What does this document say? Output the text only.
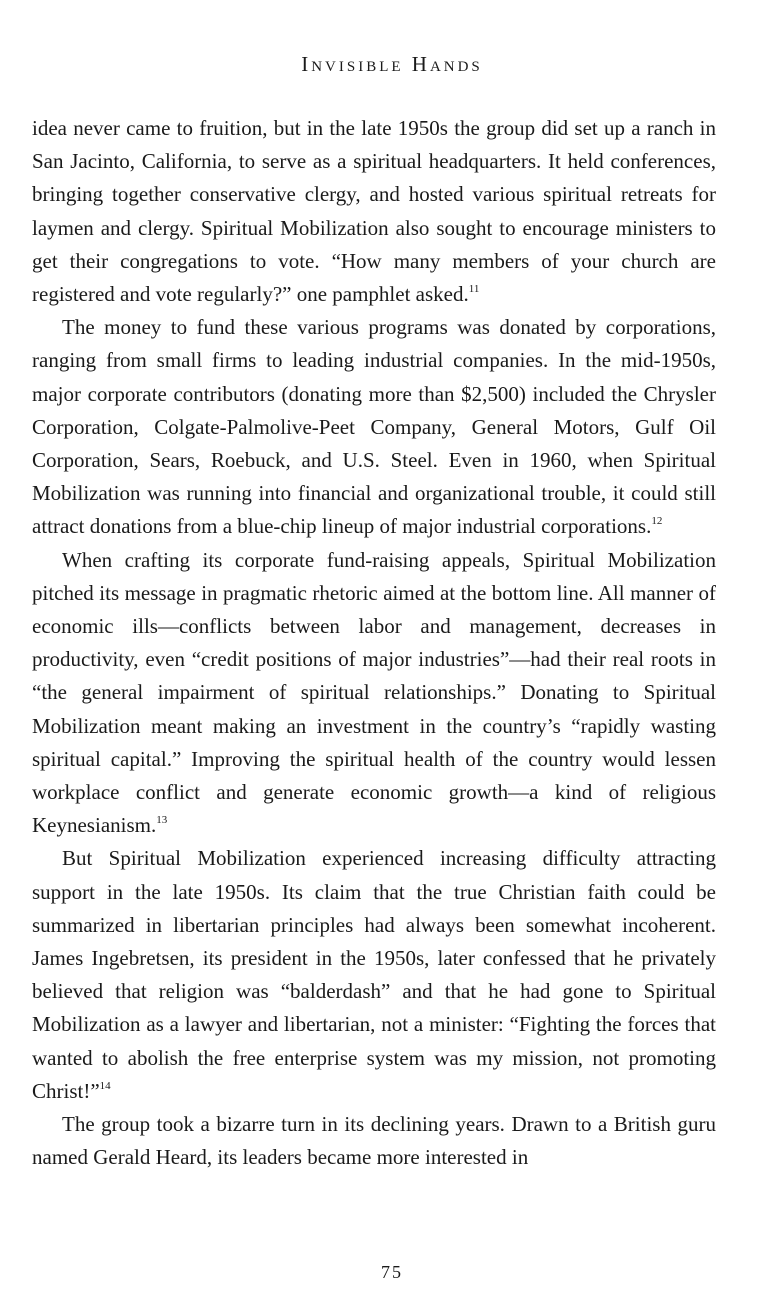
Invisible Hands

idea never came to fruition, but in the late 1950s the group did set up a ranch in San Jacinto, California, to serve as a spiritual headquarters. It held conferences, bringing together conservative clergy, and hosted various spiritual retreats for laymen and clergy. Spiritual Mobilization also sought to encourage ministers to get their congregations to vote. “How many members of your church are registered and vote regularly?” one pamphlet asked.$^{11}$

The money to fund these various programs was donated by corporations, ranging from small firms to leading industrial companies. In the mid-1950s, major corporate contributors (donating more than $2,500) included the Chrysler Corporation, Colgate-Palmolive-Peet Company, General Motors, Gulf Oil Corporation, Sears, Roebuck, and U.S. Steel. Even in 1960, when Spiritual Mobilization was running into financial and organizational trouble, it could still attract donations from a blue-chip lineup of major industrial corporations.$^{12}$

When crafting its corporate fund-raising appeals, Spiritual Mobilization pitched its message in pragmatic rhetoric aimed at the bottom line. All manner of economic ills—conflicts between labor and management, decreases in productivity, even “credit positions of major industries”—had their real roots in “the general impairment of spiritual relationships.” Donating to Spiritual Mobilization meant making an investment in the country’s “rapidly wasting spiritual capital.” Improving the spiritual health of the country would lessen workplace conflict and generate economic growth—a kind of religious Keynesianism.$^{13}$

But Spiritual Mobilization experienced increasing difficulty attracting support in the late 1950s. Its claim that the true Christian faith could be summarized in libertarian principles had always been somewhat incoherent. James Ingebretsen, its president in the 1950s, later confessed that he privately believed that religion was “balderdash” and that he had gone to Spiritual Mobilization as a lawyer and libertarian, not a minister: “Fighting the forces that wanted to abolish the free enterprise system was my mission, not promoting Christ!”$^{14}$

The group took a bizarre turn in its declining years. Drawn to a British guru named Gerald Heard, its leaders became more interested in

75
